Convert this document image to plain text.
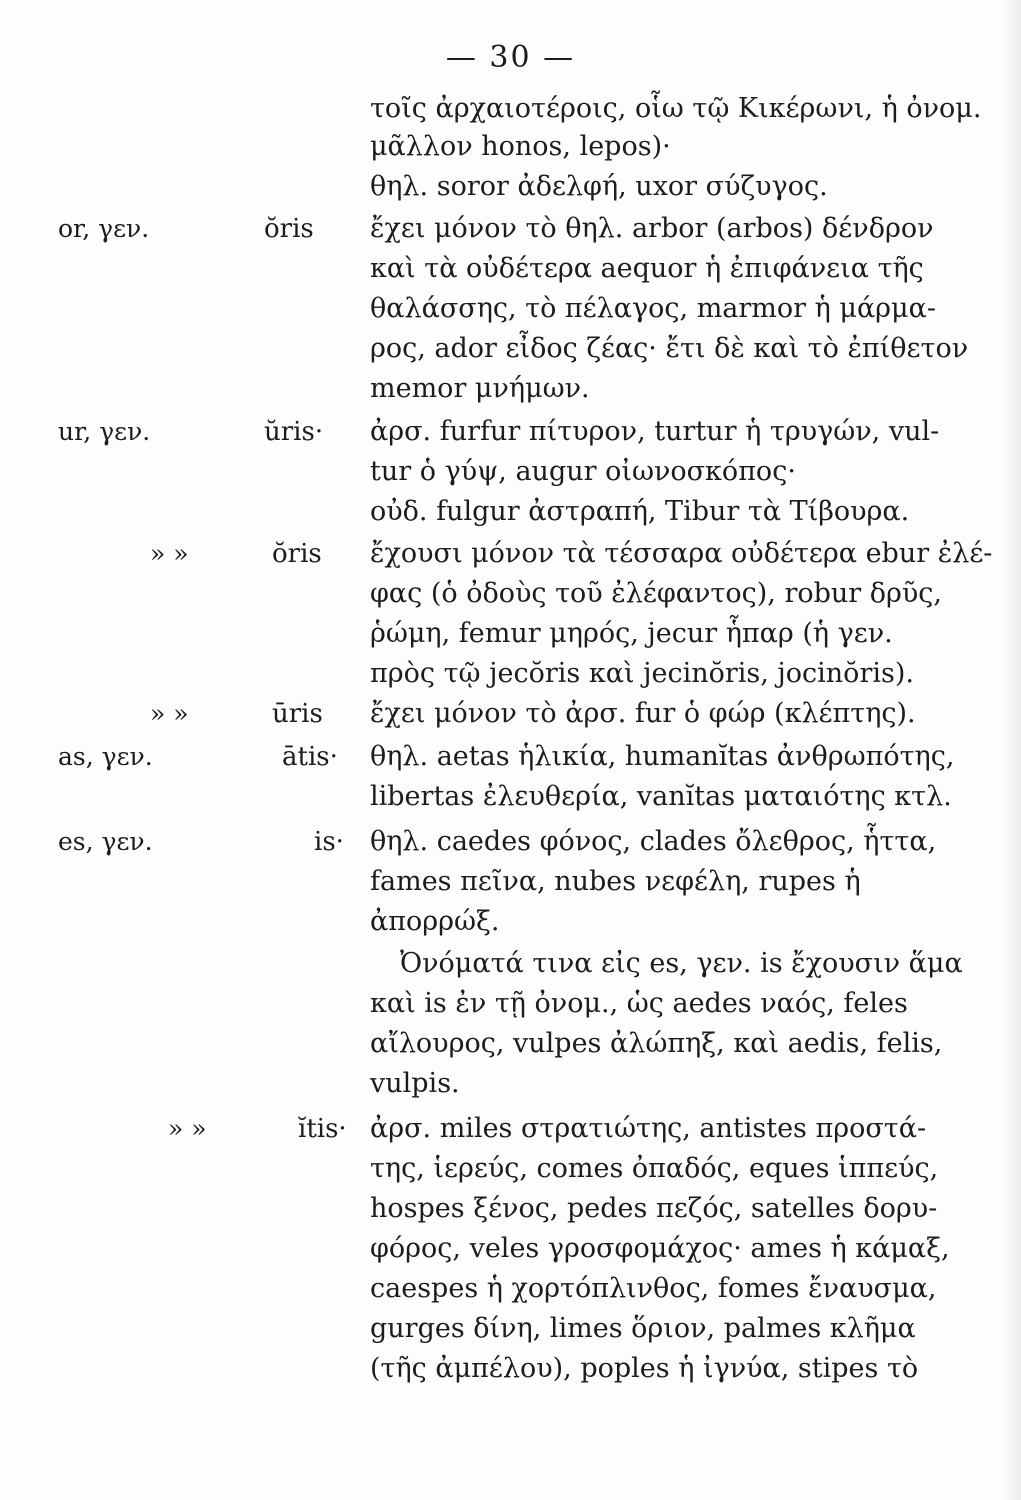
— 30 —
τοῖς ἀρχαιοτέροις, οἷω τῷ Κικέρωνι, ἡ ὀνομ.
μᾶλλον honos, lepos)·
θηλ. soror ἀδελφή, uxor σύζυγος.
or, γεν.	ŏris ἔχει μόνον τὸ θηλ. arbor (arbos) δένδρον
καὶ τὰ οὐδέτερα aequor ἡ ἐπιφάνεια τῆς
θαλάσσης, τὸ πέλαγος, marmor ἡ μάρμα-
ρος, ador εἶδος ζέας· ἔτι δὲ καὶ τὸ ἐπίθετον
memor μνήμων.
ur, γεν.	ŭris· ἀρσ. furfur πίτυρον, turtur ἡ τρυγών, vul-
tur ὁ γύψ, augur οἰωνοσκόπος·
οὐδ. fulgur ἀστραπή, Tibur τὰ Τίβουρα.
» »	ŏris ἔχουσι μόνον τὰ τέσσαρα οὐδέτερα ebur ἐλέ-
φας (ὁ ὀδοὺς τοῦ ἐλέφαντος), robur δρῦς,
ῥώμη, femur μηρός, jecur ἧπαρ (ἡ γεν.
πρὸς τῷ jecŏris καὶ jecinŏris, jocinŏris).
» »	ūris ἔχει μόνον τὸ ἀρσ. fur ὁ φώρ (κλέπτης).
as, γεν.	ātis· θηλ. aetas ἡλικία, humanĭtas ἀνθρωπότης,
libertas ἐλευθερία, vanĭtas ματαιότης κτλ.
es, γεν.	is· θηλ. caedes φόνος, clades ὄλεθρος, ἧττα,
fames πεῖνα, nubes νεφέλη, rupes ἡ
ἀπορρώξ.
Ὀνόματά τινα εἰς es, γεν. is ἔχουσιν ἅμα
καὶ is ἐν τῇ ὀνομ., ὡς aedes ναός, feles
αἴλουρος, vulpes ἀλώπηξ, καὶ aedis, felis,
vulpis.
» »	ĭtis· ἀρσ. miles στρατιώτης, antistes προστά-
της, ἱερεύς, comes ὀπαδός, eques ἱππεύς,
hospes ξένος, pedes πεζός, satelles δορυ-
φόρος, veles γροσφομάχος· ames ἡ κάμαξ,
caespes ἡ χορτόπλινθος, fomes ἔναυσμα,
gurges δίνη, limes ὅριον, palmes κλῆμα
(τῆς ἀμπέλου), poples ἡ ἰγνύα, stipes τὸ
